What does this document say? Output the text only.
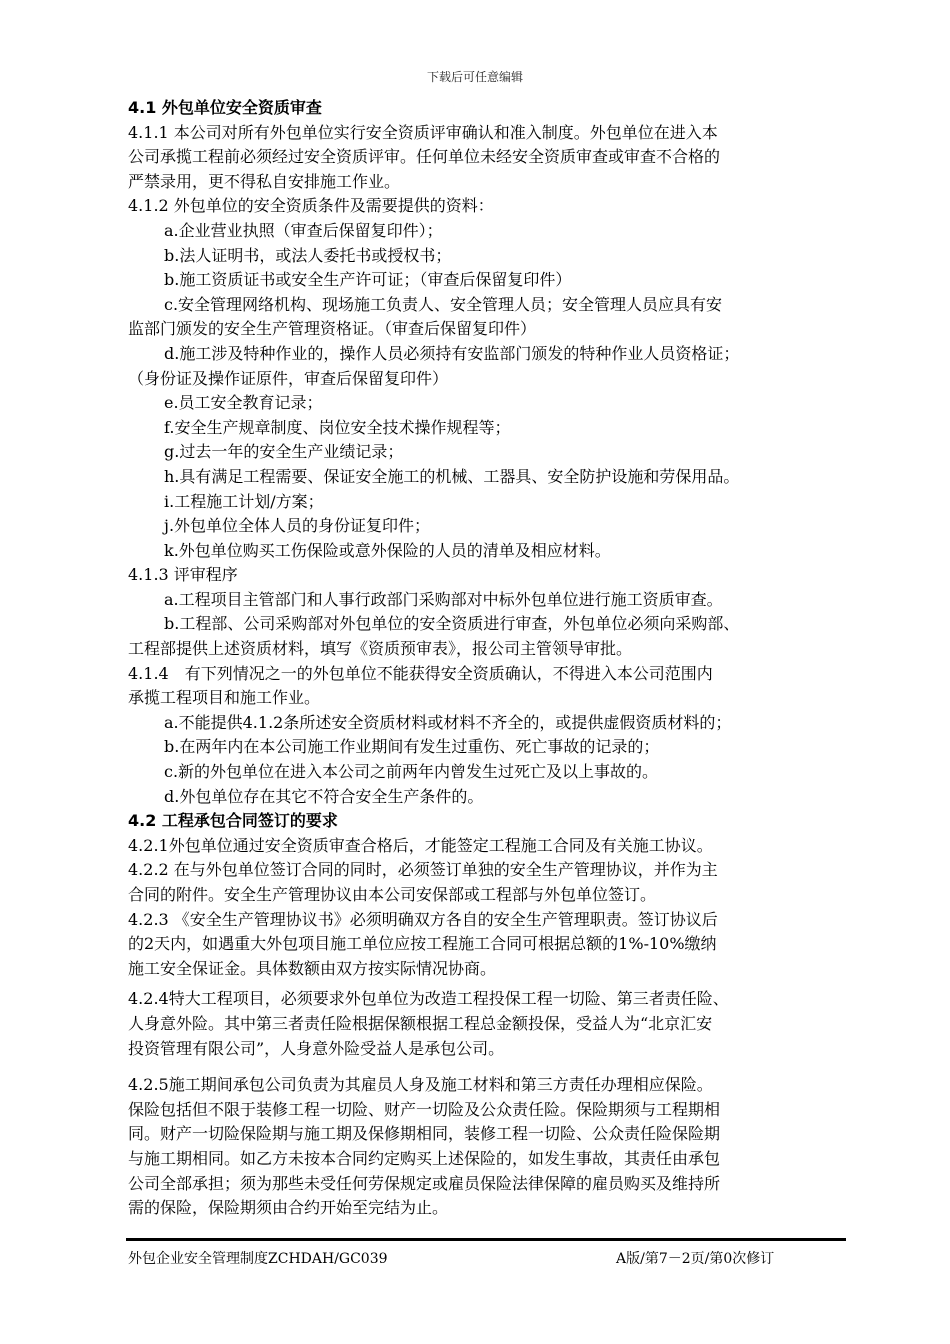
下载后可任意编辑
4.1 外包单位安全资质审查
4.1.1 本公司对所有外包单位实行安全资质评审确认和准入制度。外包单位在进入本
公司承揽工程前必须经过安全资质评审。任何单位未经安全资质审查或审查不合格的
严禁录用，更不得私自安排施工作业。
4.1.2 外包单位的安全资质条件及需要提供的资料：
a.企业营业执照（审查后保留复印件）；
b.法人证明书，或法人委托书或授权书；
b.施工资质证书或安全生产许可证；（审查后保留复印件）
c.安全管理网络机构、现场施工负责人、安全管理人员；安全管理人员应具有安
监部门颁发的安全生产管理资格证。（审查后保留复印件）
d.施工涉及特种作业的，操作人员必须持有安监部门颁发的特种作业人员资格证；
（身份证及操作证原件，审查后保留复印件）
e.员工安全教育记录；
f.安全生产规章制度、岗位安全技术操作规程等；
g.过去一年的安全生产业绩记录；
h.具有满足工程需要、保证安全施工的机械、工器具、安全防护设施和劳保用品。
i.工程施工计划/方案；
j.外包单位全体人员的身份证复印件；
k.外包单位购买工伤保险或意外保险的人员的清单及相应材料。
4.1.3 评审程序
a.工程项目主管部门和人事行政部门采购部对中标外包单位进行施工资质审查。
b.工程部、公司采购部对外包单位的安全资质进行审查，外包单位必须向采购部、
工程部提供上述资质材料，填写《资质预审表》，报公司主管领导审批。
4.1.4　有下列情况之一的外包单位不能获得安全资质确认，不得进入本公司范围内
承揽工程项目和施工作业。
a.不能提供4.1.2条所述安全资质材料或材料不齐全的，或提供虚假资质材料的；
b.在两年内在本公司施工作业期间有发生过重伤、死亡事故的记录的；
c.新的外包单位在进入本公司之前两年内曾发生过死亡及以上事故的。
d.外包单位存在其它不符合安全生产条件的。
4.2 工程承包合同签订的要求
4.2.1外包单位通过安全资质审查合格后，才能签定工程施工合同及有关施工协议。
4.2.2 在与外包单位签订合同的同时，必须签订单独的安全生产管理协议，并作为主
合同的附件。安全生产管理协议由本公司安保部或工程部与外包单位签订。
4.2.3 《安全生产管理协议书》必须明确双方各自的安全生产管理职责。签订协议后
的2天内，如遇重大外包项目施工单位应按工程施工合同可根据总额的1%-10%缴纳
施工安全保证金。具体数额由双方按实际情况协商。
4.2.4特大工程项目，必须要求外包单位为改造工程投保工程一切险、第三者责任险、
人身意外险。其中第三者责任险根据保额根据工程总金额投保，受益人为“北京汇安
投资管理有限公司”，人身意外险受益人是承包公司。
4.2.5施工期间承包公司负责为其雇员人身及施工材料和第三方责任办理相应保险。
保险包括但不限于装修工程一切险、财产一切险及公众责任险。保险期须与工程期相
同。财产一切险保险期与施工期及保修期相同，装修工程一切险、公众责任险保险期
与施工期相同。如乙方未按本合同约定购买上述保险的，如发生事故，其责任由承包
公司全部承担；须为那些未受任何劳保规定或雇员保险法律保障的雇员购买及维持所
需的保险，保险期须由合约开始至完结为止。
外包企业安全管理制度ZCHDAH/GC039	A版/第7－2页/第0次修订
